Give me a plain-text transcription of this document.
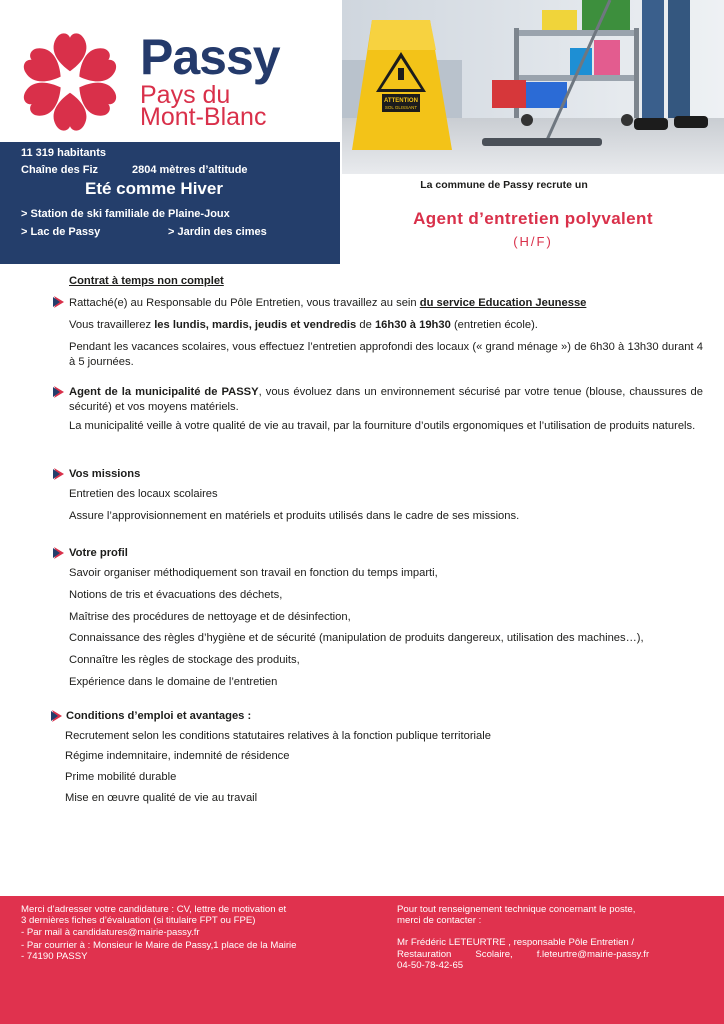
Passy
Pays du
Mont-Blanc
ATTENTION
SOL GLISSANT
11 319 habitants
Chaîne des Fiz	2804 mètres d’altitude
Eté comme Hiver
> Station de ski familiale de Plaine-Joux
> Lac de Passy	> Jardin des cimes
La commune de Passy recrute un
Agent d’entretien polyvalent
(H/F)
Contrat à temps non complet
Rattaché(e) au Responsable du Pôle Entretien, vous travaillez au sein du service Education Jeunesse
Vous travaillerez les lundis, mardis, jeudis et vendredis de 16h30 à 19h30 (entretien école).
Pendant les vacances scolaires, vous effectuez l’entretien approfondi des locaux (« grand ménage ») de 6h30 à 13h30 durant 4 à 5 journées.
Agent de la municipalité de PASSY, vous évoluez dans un environnement sécurisé par votre tenue (blouse, chaussures de sécurité) et vos moyens matériels.
La municipalité veille à votre qualité de vie au travail, par la fourniture d’outils ergonomiques et l’utilisation de produits naturels.
Vos missions
Entretien des locaux scolaires
Assure l’approvisionnement en matériels et produits utilisés dans le cadre de ses missions.
Votre profil
Savoir organiser méthodiquement son travail en fonction du temps imparti,
Notions de tris et évacuations des déchets,
Maîtrise des procédures de nettoyage et de désinfection,
Connaissance des règles d’hygiène et de sécurité (manipulation de produits dangereux, utilisation des machines…),
Connaître les règles de stockage des produits,
Expérience dans le domaine de l’entretien
Conditions d’emploi et avantages :
Recrutement selon les conditions statutaires relatives à la fonction publique territoriale
Régime indemnitaire, indemnité de résidence
Prime mobilité durable
Mise en œuvre qualité de vie au travail
Merci d’adresser votre candidature : CV, lettre de motivation et
3 dernières fiches d’évaluation (si titulaire FPT ou FPE)
- Par mail à candidatures@mairie-passy.fr
- Par courrier à : Monsieur le Maire de Passy,1 place de la Mairie
- 74190 PASSY
Pour tout renseignement technique concernant le poste,
merci de contacter :
Mr Frédéric LETEURTRE , responsable Pôle Entretien /
Restauration         Scolaire,         f.leteurtre@mairie-passy.fr
04-50-78-42-65
